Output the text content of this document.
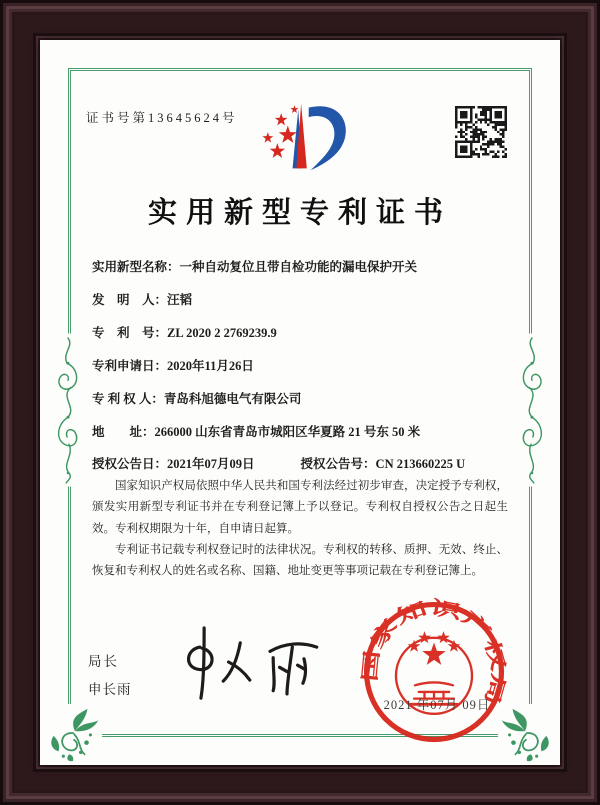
证书号第13645624号
实用新型专利证书
实用新型名称：一种自动复位且带自检功能的漏电保护开关
发　明　人：汪韬
专　利　号：ZL 2020 2 2769239.9
专利申请日：2020年11月26日
专 利 权 人：青岛科旭德电气有限公司
地　　址：266000 山东省青岛市城阳区华夏路 21 号东 50 米
授权公告日：2021年07月09日	授权公告号：CN 213660225 U

国家知识产权局依照中华人民共和国专利法经过初步审查，决定授予专利权，颁发实用新型专利证书并在专利登记簿上予以登记。专利权自授权公告之日起生效。专利权期限为十年，自申请日起算。

专利证书记载专利权登记时的法律状况。专利权的转移、质押、无效、终止、恢复和专利权人的姓名或名称、国籍、地址变更等事项记载在专利登记簿上。

局长
申长雨
国家知识产权局
2021 年07月 09日
